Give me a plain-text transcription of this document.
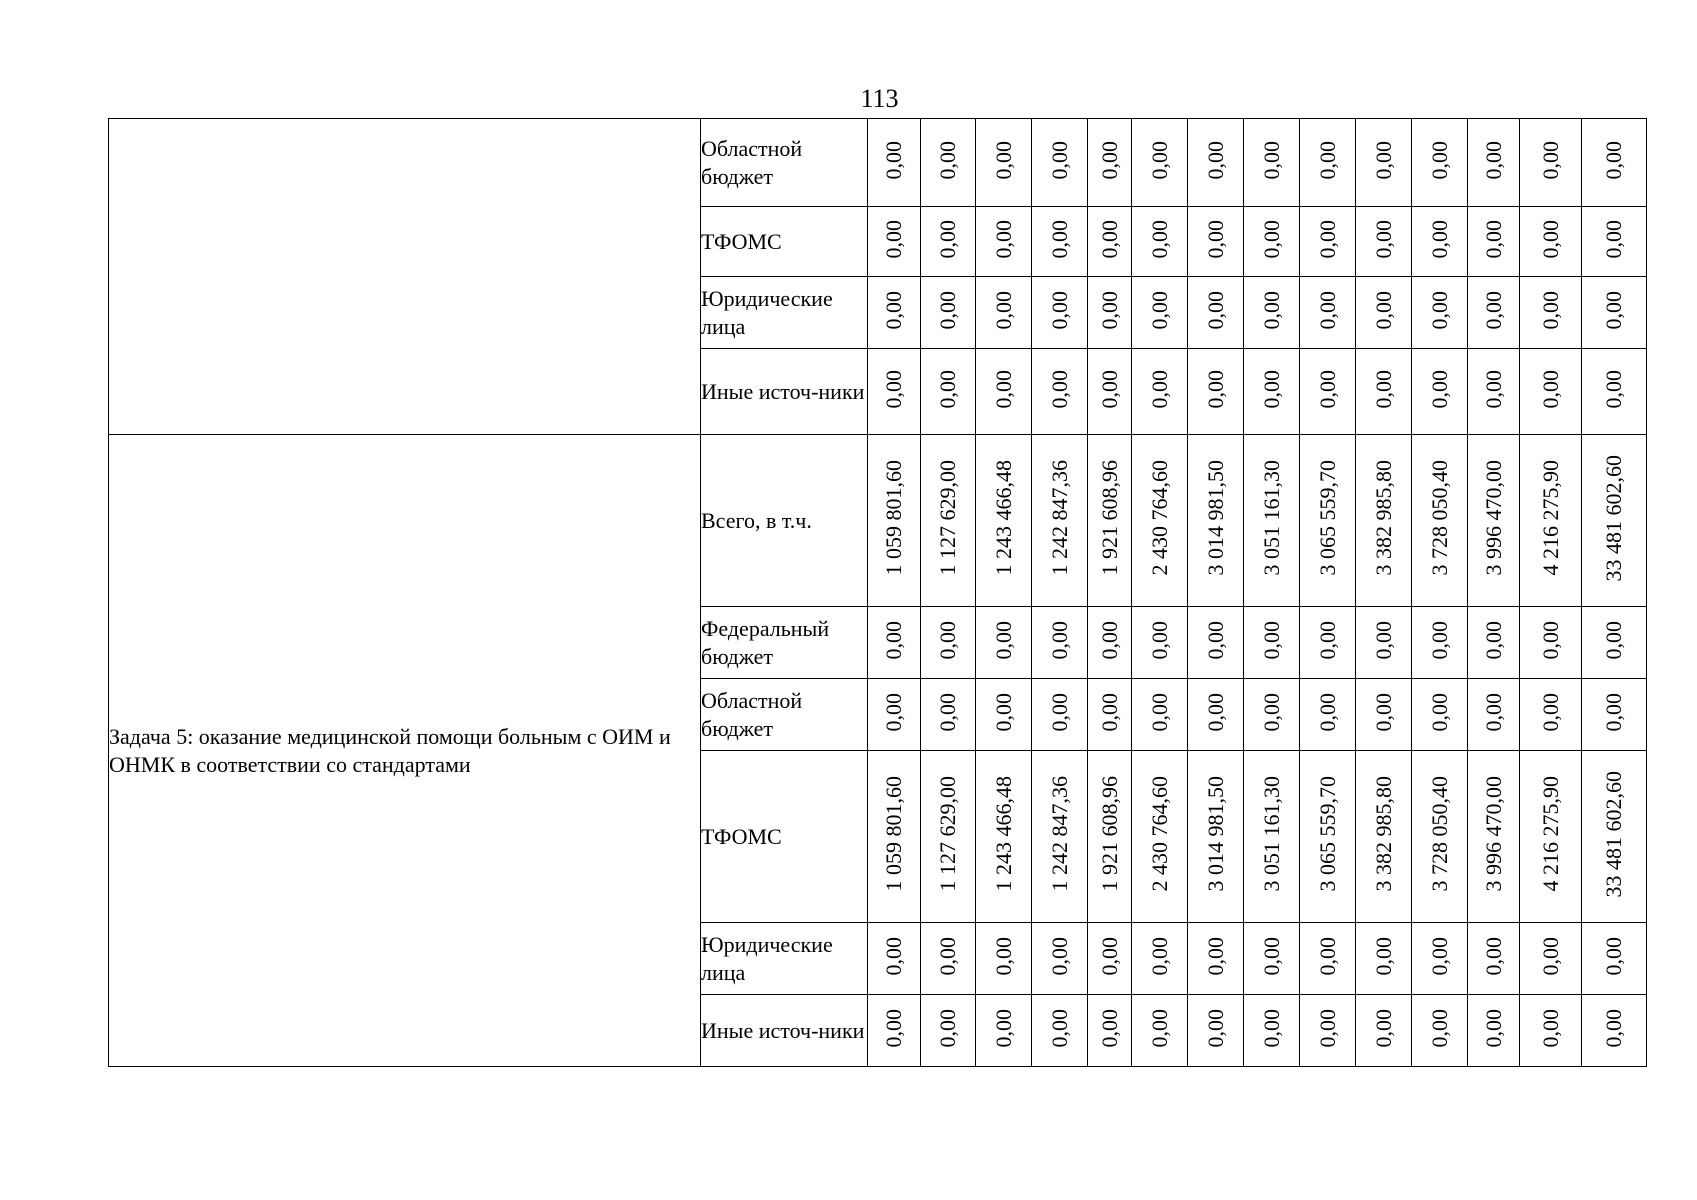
113
	Областной бюджет	0,00	0,00	0,00	0,00	0,00	0,00	0,00	0,00	0,00	0,00	0,00	0,00	0,00	0,00
	ТФОМС	0,00	0,00	0,00	0,00	0,00	0,00	0,00	0,00	0,00	0,00	0,00	0,00	0,00	0,00
	Юридические лица	0,00	0,00	0,00	0,00	0,00	0,00	0,00	0,00	0,00	0,00	0,00	0,00	0,00	0,00
	Иные источ-ники	0,00	0,00	0,00	0,00	0,00	0,00	0,00	0,00	0,00	0,00	0,00	0,00	0,00	0,00
Задача 5: оказание медицинской помощи больным с ОИМ и ОНМК в соответствии со стандартами	Всего, в т.ч.	1 059 801,60	1 127 629,00	1 243 466,48	1 242 847,36	1 921 608,96	2 430 764,60	3 014 981,50	3 051 161,30	3 065 559,70	3 382 985,80	3 728 050,40	3 996 470,00	4 216 275,90	33 481 602,60
	Федеральный бюджет	0,00	0,00	0,00	0,00	0,00	0,00	0,00	0,00	0,00	0,00	0,00	0,00	0,00	0,00
	Областной бюджет	0,00	0,00	0,00	0,00	0,00	0,00	0,00	0,00	0,00	0,00	0,00	0,00	0,00	0,00
	ТФОМС	1 059 801,60	1 127 629,00	1 243 466,48	1 242 847,36	1 921 608,96	2 430 764,60	3 014 981,50	3 051 161,30	3 065 559,70	3 382 985,80	3 728 050,40	3 996 470,00	4 216 275,90	33 481 602,60
	Юридические лица	0,00	0,00	0,00	0,00	0,00	0,00	0,00	0,00	0,00	0,00	0,00	0,00	0,00	0,00
	Иные источ-ники	0,00	0,00	0,00	0,00	0,00	0,00	0,00	0,00	0,00	0,00	0,00	0,00	0,00	0,00
